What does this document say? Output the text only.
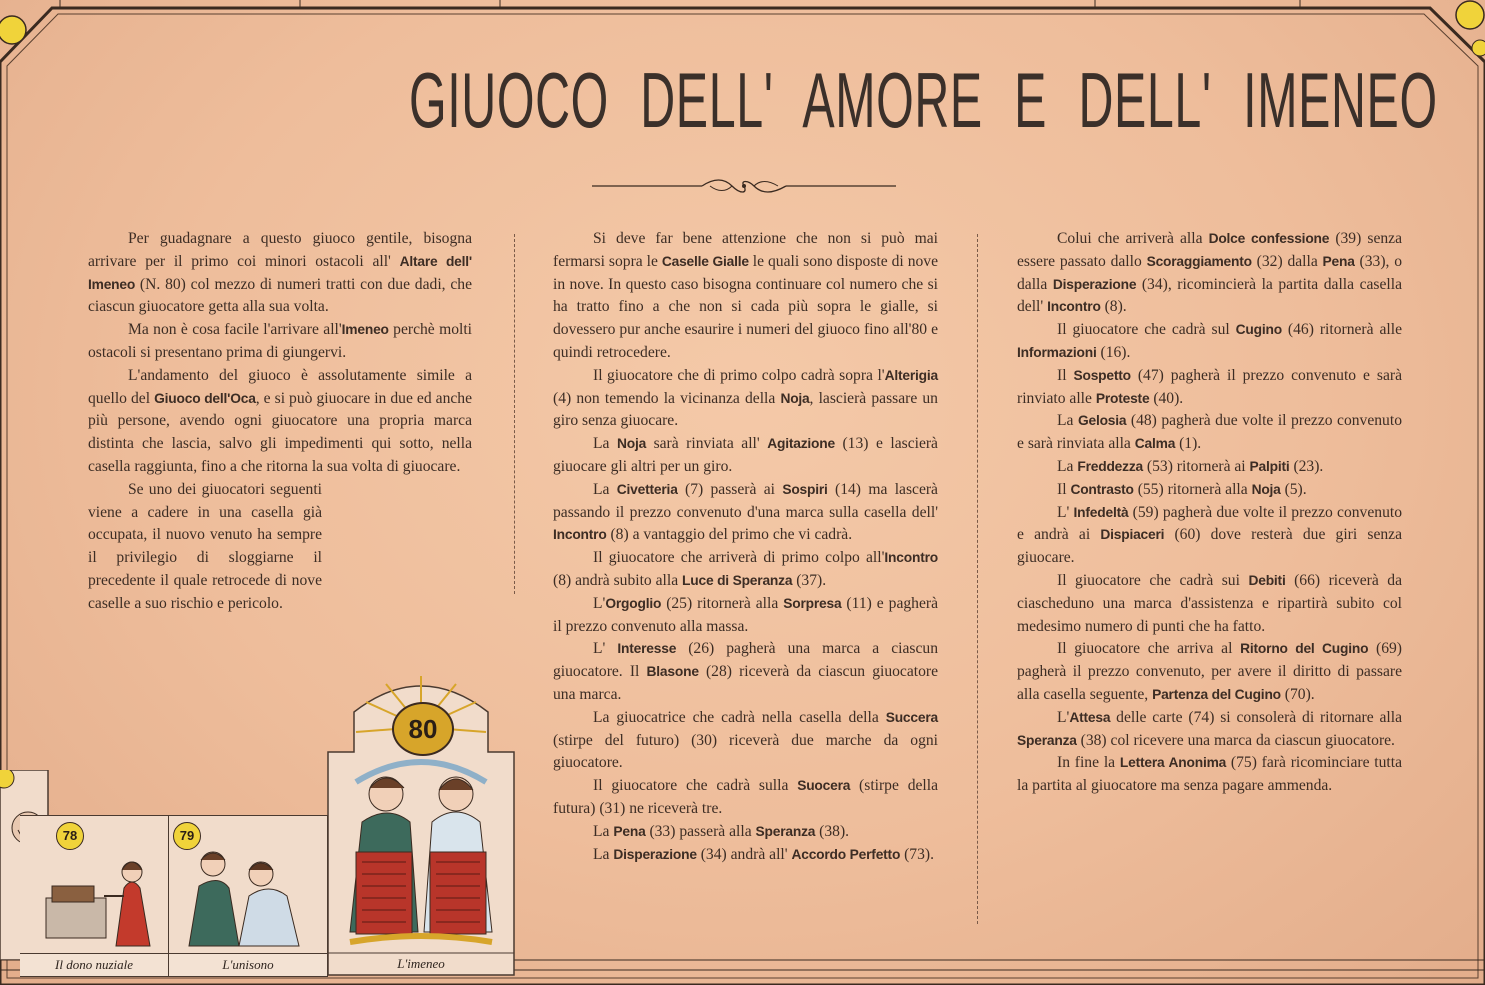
GIUOCO DELL' AMORE E DELL' IMENEO

Per guadagnare a questo giuoco gentile, bisogna arrivare per il primo coi minori ostacoli all' Altare dell' Imeneo (N. 80) col mezzo di numeri tratti con due dadi, che ciascun giuocatore getta alla sua volta.

Ma non è cosa facile l'arrivare all'Imeneo perchè molti ostacoli si presentano prima di giungervi.

L'andamento del giuoco è assolutamente simile a quello del Giuoco dell'Oca, e si può giuocare in due ed anche più persone, avendo ogni giuocatore una propria marca distinta che lascia, salvo gli impedimenti qui sotto, nella casella raggiunta, fino a che ritorna la sua volta di giuocare.

Se uno dei giuocatori seguenti viene a cadere in una casella già occupata, il nuovo venuto ha sempre il privilegio di sloggiarne il precedente il quale retrocede di nove caselle a suo rischio e pericolo.

Si deve far bene attenzione che non si può mai fermarsi sopra le Caselle Gialle le quali sono disposte di nove in nove. In questo caso bisogna continuare col numero che si ha tratto fino a che non si cada più sopra le gialle, si dovessero pur anche esaurire i numeri del giuoco fino all'80 e quindi retrocedere.

Il giuocatore che di primo colpo cadrà sopra l'Alterigia (4) non temendo la vicinanza della Noja, lascierà passare un giro senza giuocare.

La Noja sarà rinviata all' Agitazione (13) e lascierà giuocare gli altri per un giro.

La Civetteria (7) passerà ai Sospiri (14) ma lascerà passando il prezzo convenuto d'una marca sulla casella dell' Incontro (8) a vantaggio del primo che vi cadrà.

Il giuocatore che arriverà di primo colpo all'Incontro (8) andrà subito alla Luce di Speranza (37).

L'Orgoglio (25) ritornerà alla Sorpresa (11) e pagherà il prezzo convenuto alla massa.

L' Interesse (26) pagherà una marca a ciascun giuocatore. Il Blasone (28) riceverà da ciascun giuocatore una marca.

La giuocatrice che cadrà nella casella della Succera (stirpe del futuro) (30) riceverà due marche da ogni giuocatore.

Il giuocatore che cadrà sulla Suocera (stirpe della futura) (31) ne riceverà tre.

La Pena (33) passerà alla Speranza (38).

La Disperazione (34) andrà all' Accordo Perfetto (73).

Colui che arriverà alla Dolce confessione (39) senza essere passato dallo Scoraggiamento (32) dalla Pena (33), o dalla Disperazione (34), ricomincierà la partita dalla casella dell' Incontro (8).

Il giuocatore che cadrà sul Cugino (46) ritornerà alle Informazioni (16).

Il Sospetto (47) pagherà il prezzo convenuto e sarà rinviato alle Proteste (40).

La Gelosia (48) pagherà due volte il prezzo convenuto e sarà rinviata alla Calma (1).

La Freddezza (53) ritornerà ai Palpiti (23).

Il Contrasto (55) ritornerà alla Noja (5).

L' Infedeltà (59) pagherà due volte il prezzo convenuto e andrà ai Dispiaceri (60) dove resterà due giri senza giuocare.

Il giuocatore che cadrà sui Debiti (66) riceverà da ciascheduno una marca d'assistenza e ripartirà subito col medesimo numero di punti che ha fatto.

Il giuocatore che arriva al Ritorno del Cugino (69) pagherà il prezzo convenuto, per avere il diritto di passare alla casella seguente, Partenza del Cugino (70).

L'Attesa delle carte (74) si consolerà di ritornare alla Speranza (38) col ricevere una marca da ciascun giuocatore.

In fine la Lettera Anonima (75) farà ricominciare tutta la partita al giuocatore ma senza pagare ammenda.

78
Il dono nuziale
79
L'unisono
80
L'imeneo
